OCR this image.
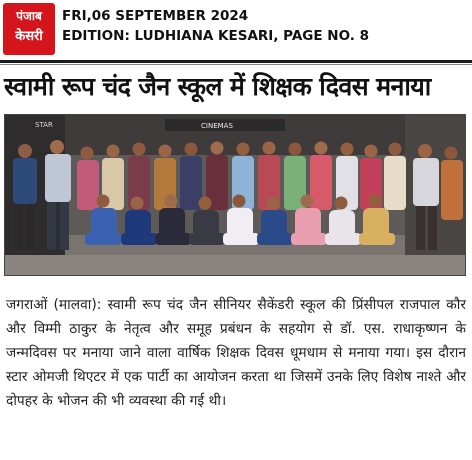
पंजाब
केसरी
FRI,06 SEPTEMBER 2024
EDITION: LUDHIANA KESARI, PAGE NO. 8
स्वामी रूप चंद जैन स्कूल में शिक्षक दिवस मनाया
STAR	CINEMAS
जगराओं (मालवा): स्वामी रूप चंद जैन सीनियर सैकेंडरी स्कूल की प्रिंसीपल राजपाल कौर और विम्मी ठाकुर के नेतृत्व और समूह प्रबंधन के सहयोग से डॉ. एस. राधाकृष्णन के जन्मदिवस पर मनाया जाने वाला वार्षिक शिक्षक दिवस धूमधाम से मनाया गया। इस दौरान स्टार ओमजी थिएटर में एक पार्टी का आयोजन करता था जिसमें उनके लिए विशेष नाश्ते और दोपहर के भोजन की भी व्यवस्था की गई थी।
